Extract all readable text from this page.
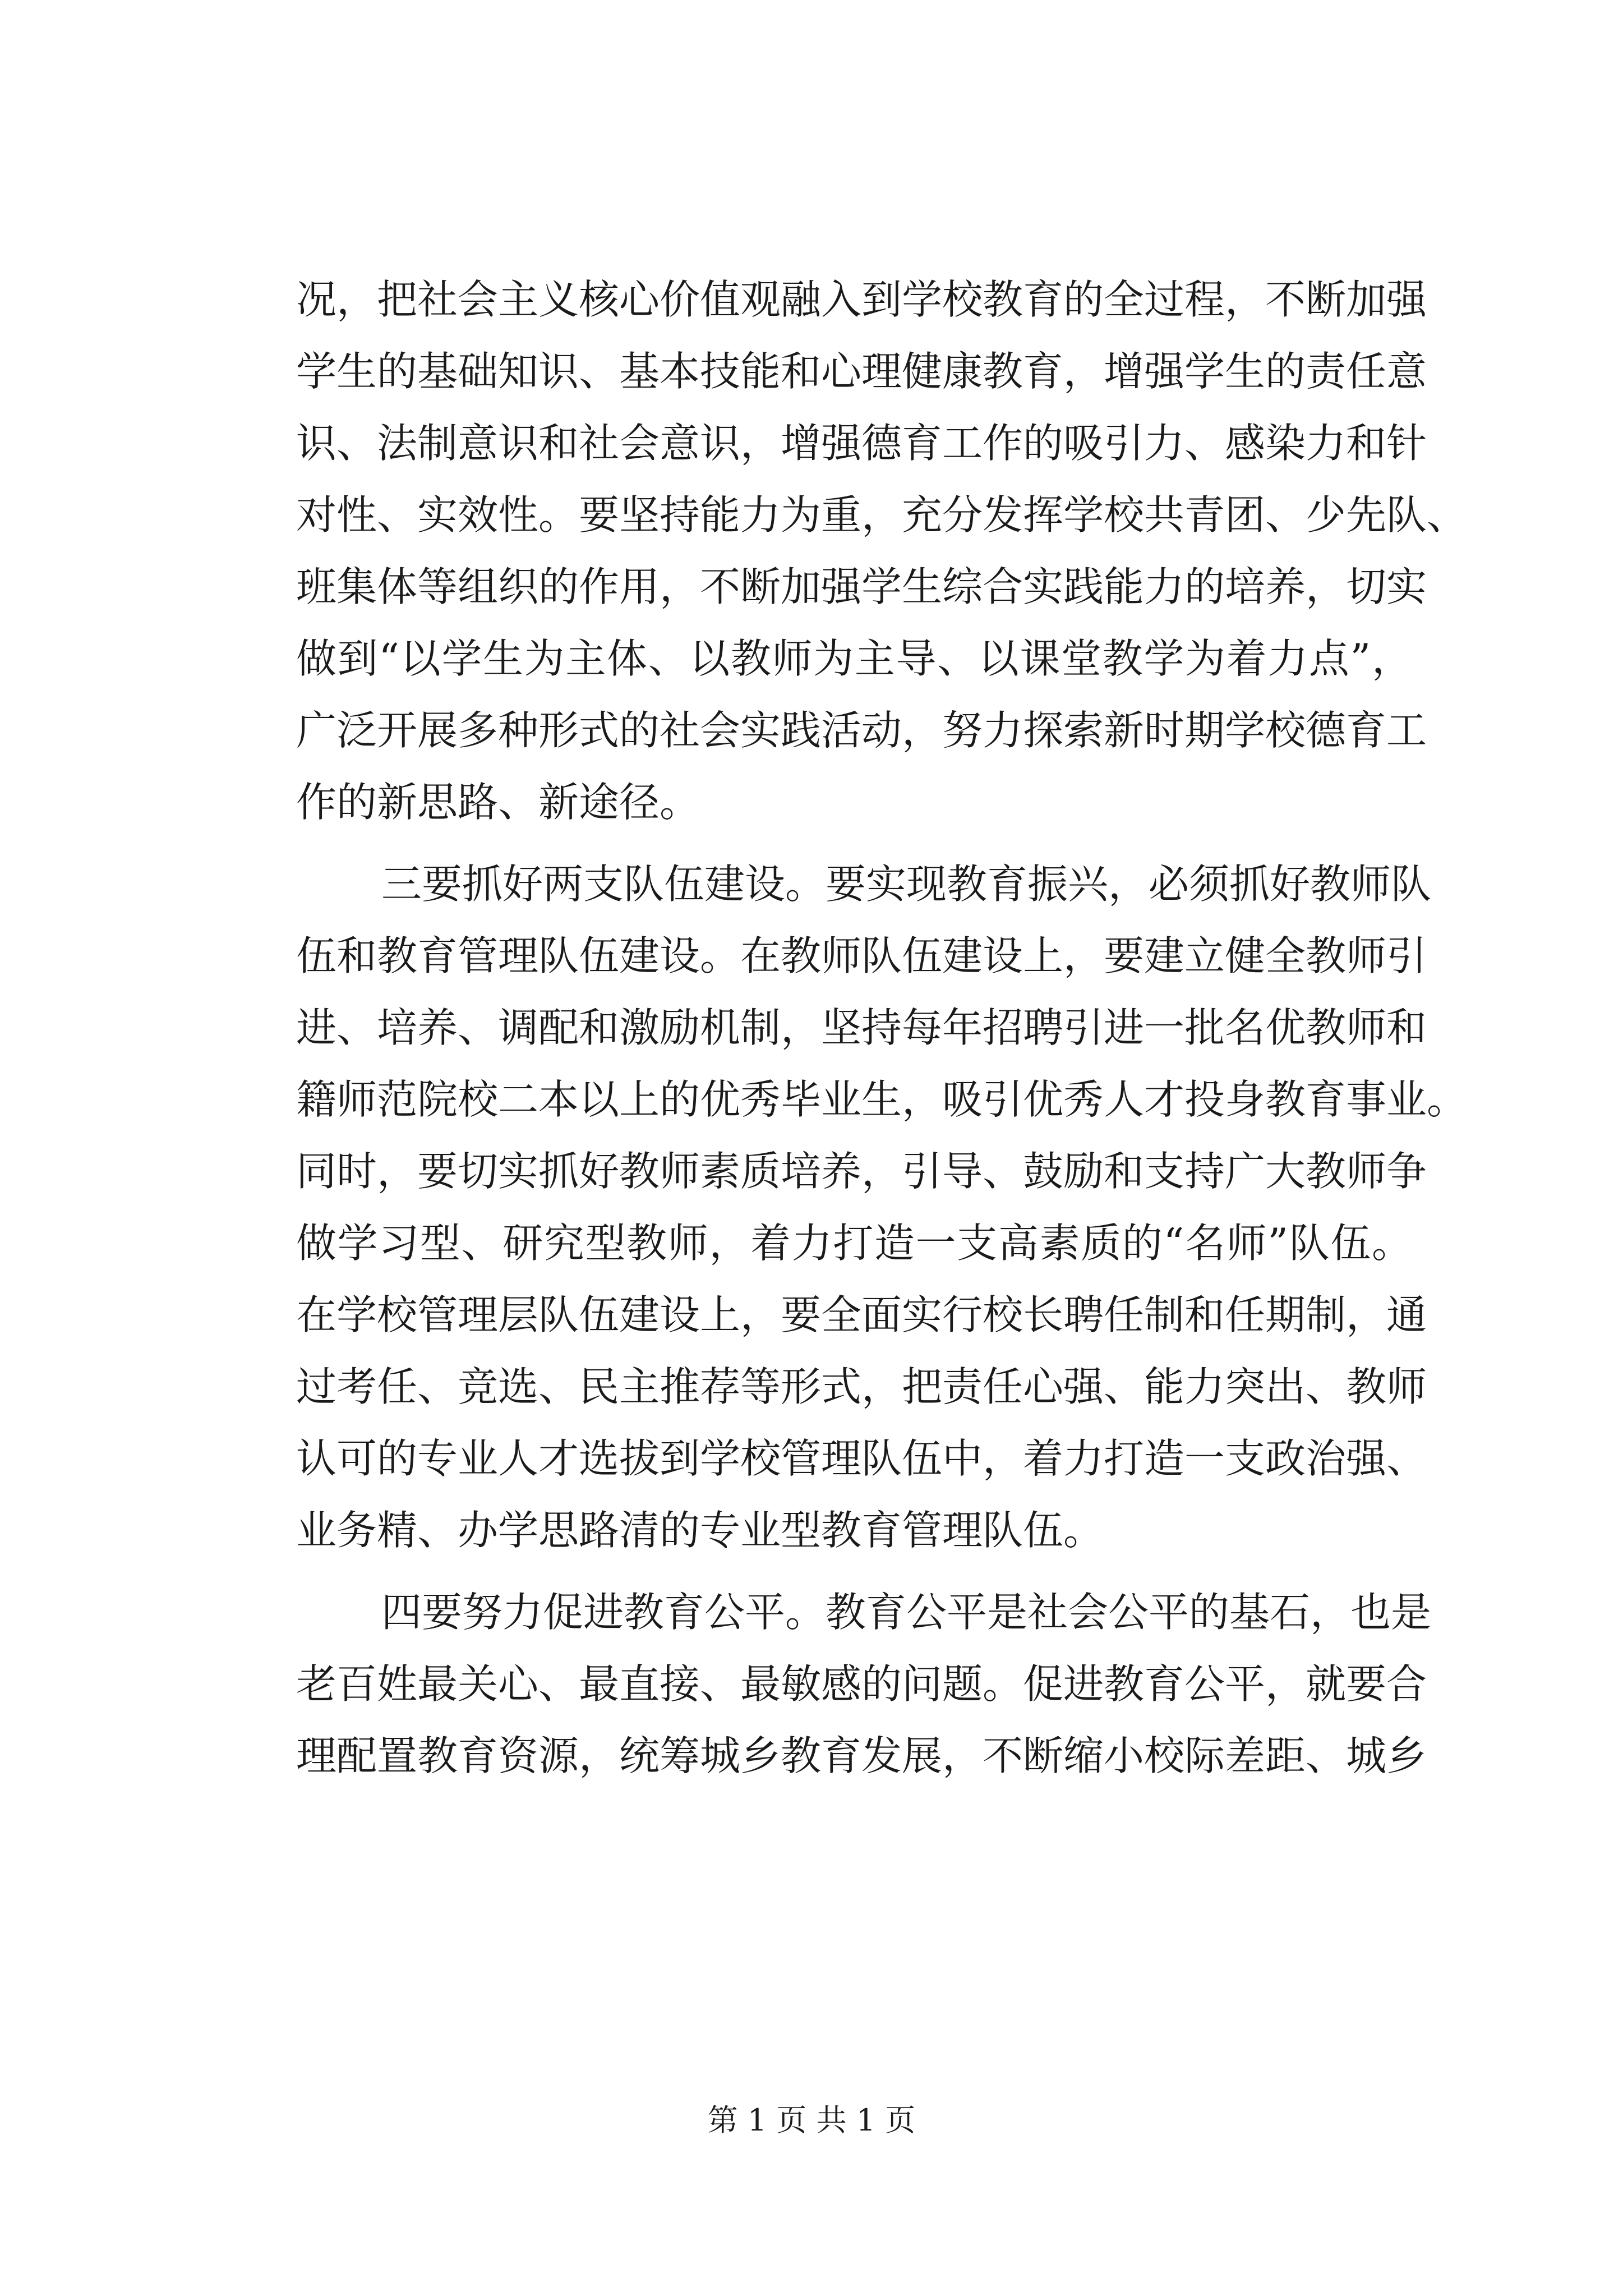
况，把社会主义核心价值观融入到学校教育的全过程，不断加强
学生的基础知识、基本技能和心理健康教育，增强学生的责任意
识、法制意识和社会意识，增强德育工作的吸引力、感染力和针
对性、实效性。要坚持能力为重，充分发挥学校共青团、少先队、
班集体等组织的作用，不断加强学生综合实践能力的培养，切实
做到“以学生为主体、以教师为主导、以课堂教学为着力点”，
广泛开展多种形式的社会实践活动，努力探索新时期学校德育工
作的新思路、新途径。
三要抓好两支队伍建设。要实现教育振兴，必须抓好教师队
伍和教育管理队伍建设。在教师队伍建设上，要建立健全教师引
进、培养、调配和激励机制，坚持每年招聘引进一批名优教师和
籍师范院校二本以上的优秀毕业生，吸引优秀人才投身教育事业。
同时，要切实抓好教师素质培养，引导、鼓励和支持广大教师争
做学习型、研究型教师，着力打造一支高素质的“名师”队伍。
在学校管理层队伍建设上，要全面实行校长聘任制和任期制，通
过考任、竞选、民主推荐等形式，把责任心强、能力突出、教师
认可的专业人才选拔到学校管理队伍中，着力打造一支政治强、
业务精、办学思路清的专业型教育管理队伍。
四要努力促进教育公平。教育公平是社会公平的基石，也是
老百姓最关心、最直接、最敏感的问题。促进教育公平，就要合
理配置教育资源，统筹城乡教育发展，不断缩小校际差距、城乡
第 1 页 共 1 页
